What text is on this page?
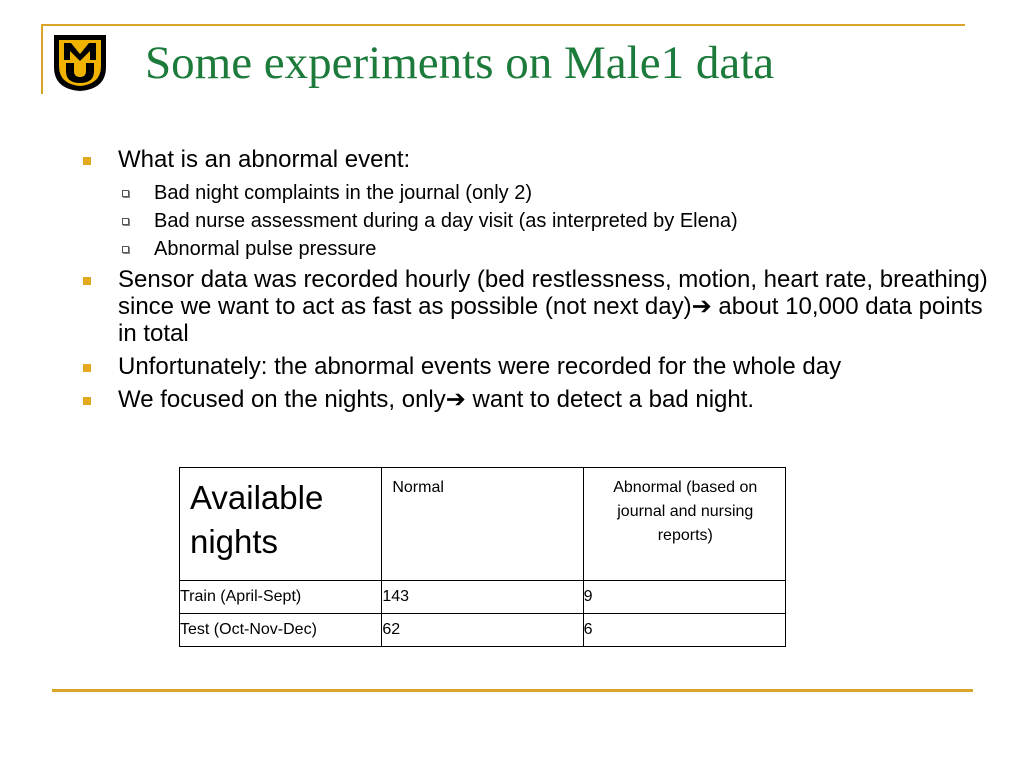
Some experiments on Male1 data
What is an abnormal event:
Bad night complaints in the journal (only 2)
Bad nurse assessment during a day visit (as interpreted by Elena)
Abnormal pulse pressure
Sensor data was recorded hourly (bed restlessness, motion, heart rate, breathing) since we want to act as fast as possible (not next day)➔ about 10,000 data points in total
Unfortunately: the abnormal events were recorded for the whole day
We focused on the nights, only➔ want to detect a bad night.
Available nights	Normal	Abnormal (based on journal and nursing reports)

Train (April-Sept)	143	9
Test (Oct-Nov-Dec)	62	6
